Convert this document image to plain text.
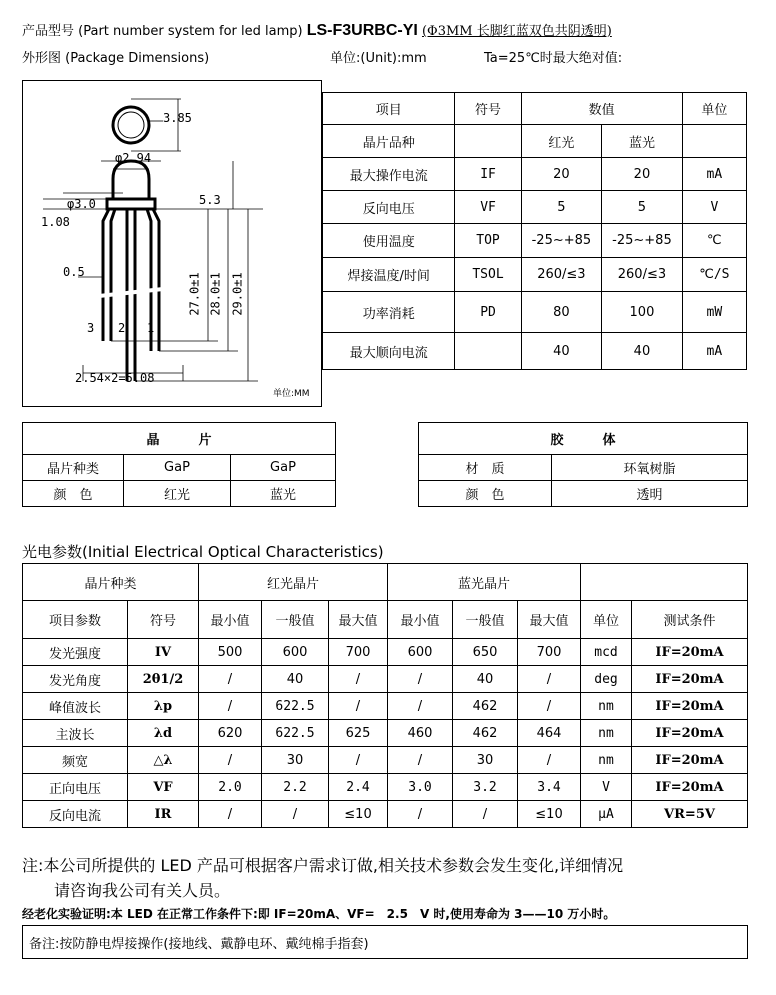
产品型号 (Part number system for led lamp) LS-F3URBC-YI (Φ3MM 长脚红蓝双色共阴透明)
外形图 (Package Dimensions)	单位:(Unit):mm	Ta=25℃时最大绝对值:
3.85
φ2.94
φ3.0
1.08
5.3
0.5
27.0±1 28.0±1 29.0±1
3 2 1
2.54×2=5.08
单位:MM
项目	符号	数值		单位
晶片品种		红光	蓝光	
最大操作电流	IF	20	20	mA
反向电压	VF	5	5	V
使用温度	TOP	-25~+85	-25~+85	℃
焊接温度/时间	TSOL	260/≤3	260/≤3	℃/S
功率消耗	PD	80	100	mW
最大顺向电流		40	40	mA
晶　　　片		
晶片种类	GaP	GaP
颜　色	红光	蓝光
胶　　　体	
材　质	环氧树脂
颜　色	透明
光电参数(Initial Electrical Optical Characteristics)
晶片种类		红光晶片			蓝光晶片				
项目参数	符号	最小值	一般值	最大值	最小值	一般值	最大值	单位	测试条件
发光强度	IV	500	600	700	600	650	700	mcd	IF=20mA
发光角度	2θ1/2	/	40	/	/	40	/	deg	IF=20mA
峰值波长	λp	/	622.5	/	/	462	/	nm	IF=20mA
主波长	λd	620	622.5	625	460	462	464	nm	IF=20mA
频宽	△λ	/	30	/	/	30	/	nm	IF=20mA
正向电压	VF	2.0	2.2	2.4	3.0	3.2	3.4	V	IF=20mA
反向电流	IR	/	/	≤10	/	/	≤10	μA	VR=5V
注:本公司所提供的 LED 产品可根据客户需求订做,相关技术参数会发生变化,详细情况
请咨询我公司有关人员。
经老化实验证明:本 LED 在正常工作条件下:即 IF=20mA、VF=　2.5　V 时,使用寿命为 3——10 万小时。
备注:按防静电焊接操作(接地线、戴静电环、戴纯棉手指套)
